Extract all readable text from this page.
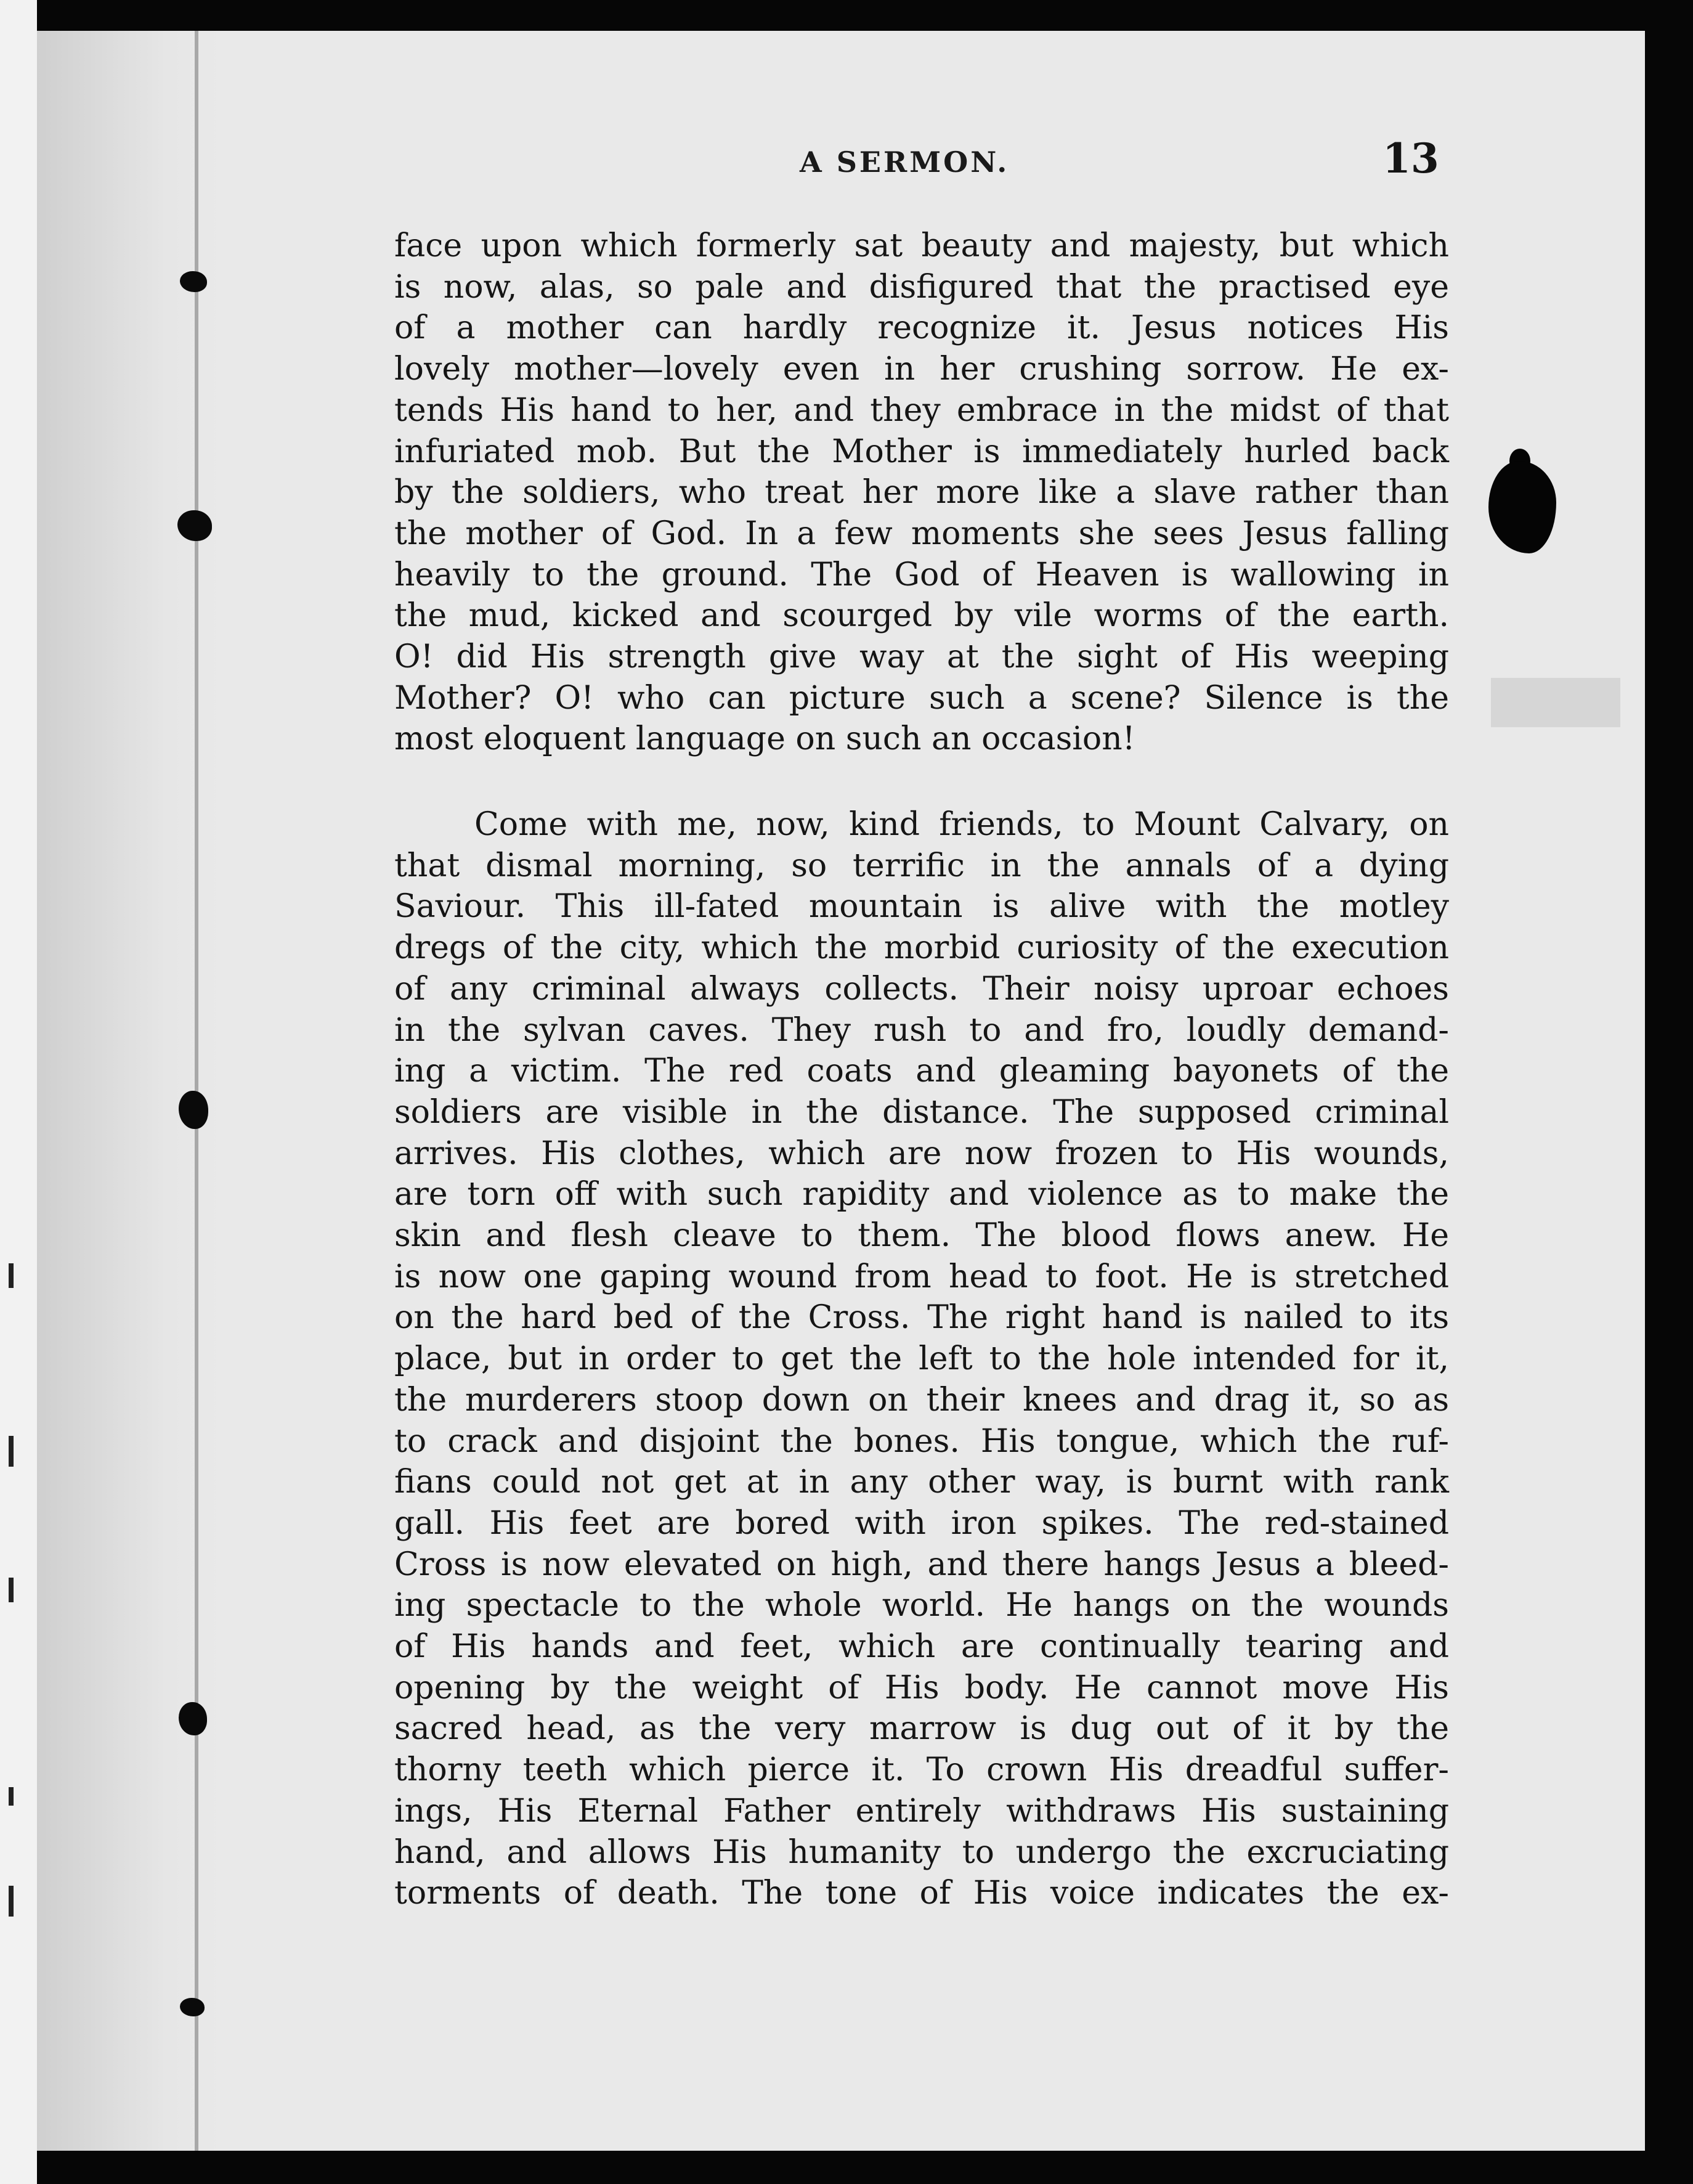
A SERMON.	13
face upon which formerly sat beauty and majesty, but which
is now, alas, so pale and disfigured that the practised eye
of a mother can hardly recognize it. Jesus notices His
lovely mother—lovely even in her crushing sorrow. He ex-
tends His hand to her, and they embrace in the midst of that
infuriated mob. But the Mother is immediately hurled back
by the soldiers, who treat her more like a slave rather than
the mother of God. In a few moments she sees Jesus falling
heavily to the ground. The God of Heaven is wallowing in
the mud, kicked and scourged by vile worms of the earth.
O! did His strength give way at the sight of His weeping
Mother? O! who can picture such a scene? Silence is the
most eloquent language on such an occasion!
Come with me, now, kind friends, to Mount Calvary, on
that dismal morning, so terrific in the annals of a dying
Saviour. This ill-fated mountain is alive with the motley
dregs of the city, which the morbid curiosity of the execution
of any criminal always collects. Their noisy uproar echoes
in the sylvan caves. They rush to and fro, loudly demand-
ing a victim. The red coats and gleaming bayonets of the
soldiers are visible in the distance. The supposed criminal
arrives. His clothes, which are now frozen to His wounds,
are torn off with such rapidity and violence as to make the
skin and flesh cleave to them. The blood flows anew. He
is now one gaping wound from head to foot. He is stretched
on the hard bed of the Cross. The right hand is nailed to its
place, but in order to get the left to the hole intended for it,
the murderers stoop down on their knees and drag it, so as
to crack and disjoint the bones. His tongue, which the ruf-
fians could not get at in any other way, is burnt with rank
gall. His feet are bored with iron spikes. The red-stained
Cross is now elevated on high, and there hangs Jesus a bleed-
ing spectacle to the whole world. He hangs on the wounds
of His hands and feet, which are continually tearing and
opening by the weight of His body. He cannot move His
sacred head, as the very marrow is dug out of it by the
thorny teeth which pierce it. To crown His dreadful suffer-
ings, His Eternal Father entirely withdraws His sustaining
hand, and allows His humanity to undergo the excruciating
torments of death. The tone of His voice indicates the ex-
